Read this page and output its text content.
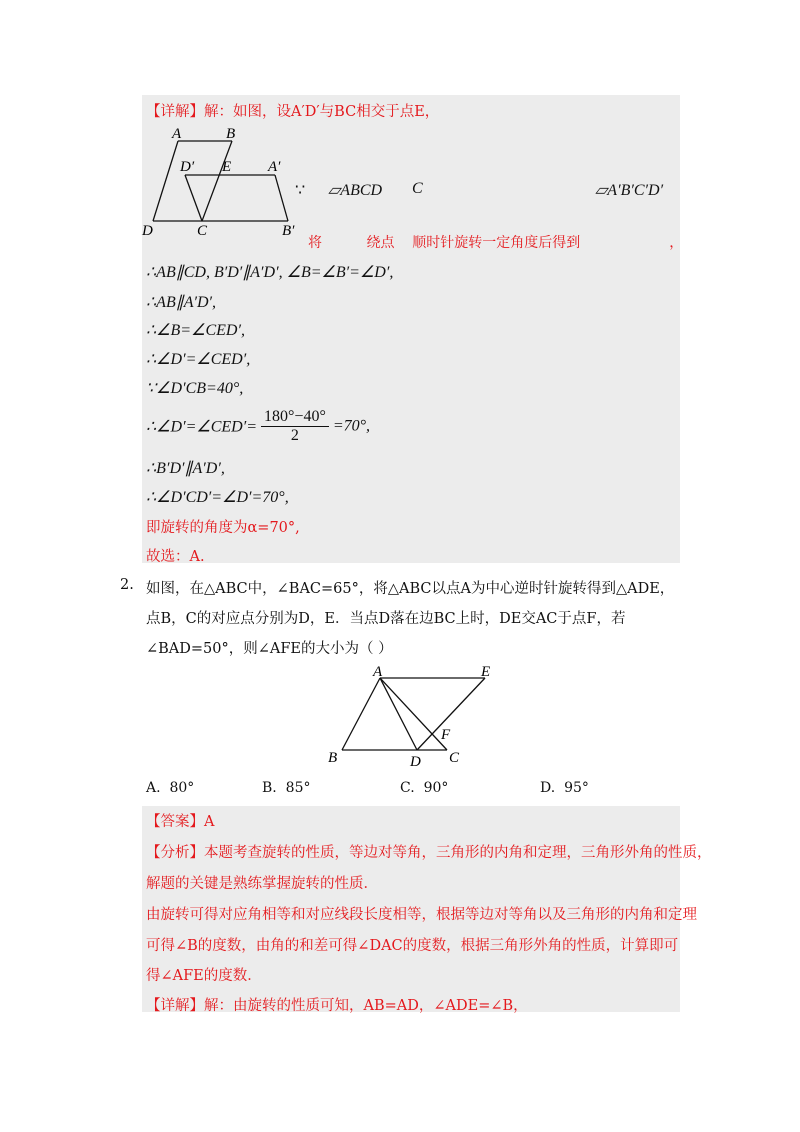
【详解】解：如图，设A′D′与BC相交于点E，
A	B
D′ E A′
D	C	B′
∵ ▱ABCD C	▱A′B′C′D′
将          绕点    顺时针旋转一定角度后得到                    ，
∴AB∥CD, B′D′∥A′D′, ∠B=∠B′=∠D′,
∴AB∥A′D′,
∴∠B=∠CED′,
∴∠D′=∠CED′,
∵∠D′CB=40°,
∴∠D′=∠CED′= $\frac{180^\circ-40^\circ}{2} =70^\circ$,
∴B′D′∥A′D′,
∴∠D′CD′=∠D′=70°,
即旋转的角度为α=70°,
故选：A.
2. 如图，在△ABC中，∠BAC=65°，将△ABC以点A为中心逆时针旋转得到△ADE，
点B，C的对应点分别为D，E．当点D落在边BC上时，DE交AC于点F，若
∠BAD=50°，则∠AFE的大小为（ ）
A	E
F
B	D C
A. 80°	B. 85°	C. 90°	D. 95°
【答案】A
【分析】本题考查旋转的性质，等边对等角，三角形的内角和定理，三角形外角的性质，
解题的关键是熟练掌握旋转的性质．
由旋转可得对应角相等和对应线段长度相等，根据等边对等角以及三角形的内角和定理
可得∠B的度数，由角的和差可得∠DAC的度数，根据三角形外角的性质，计算即可
得∠AFE的度数．
【详解】解：由旋转的性质可知，AB=AD，∠ADE=∠B，
